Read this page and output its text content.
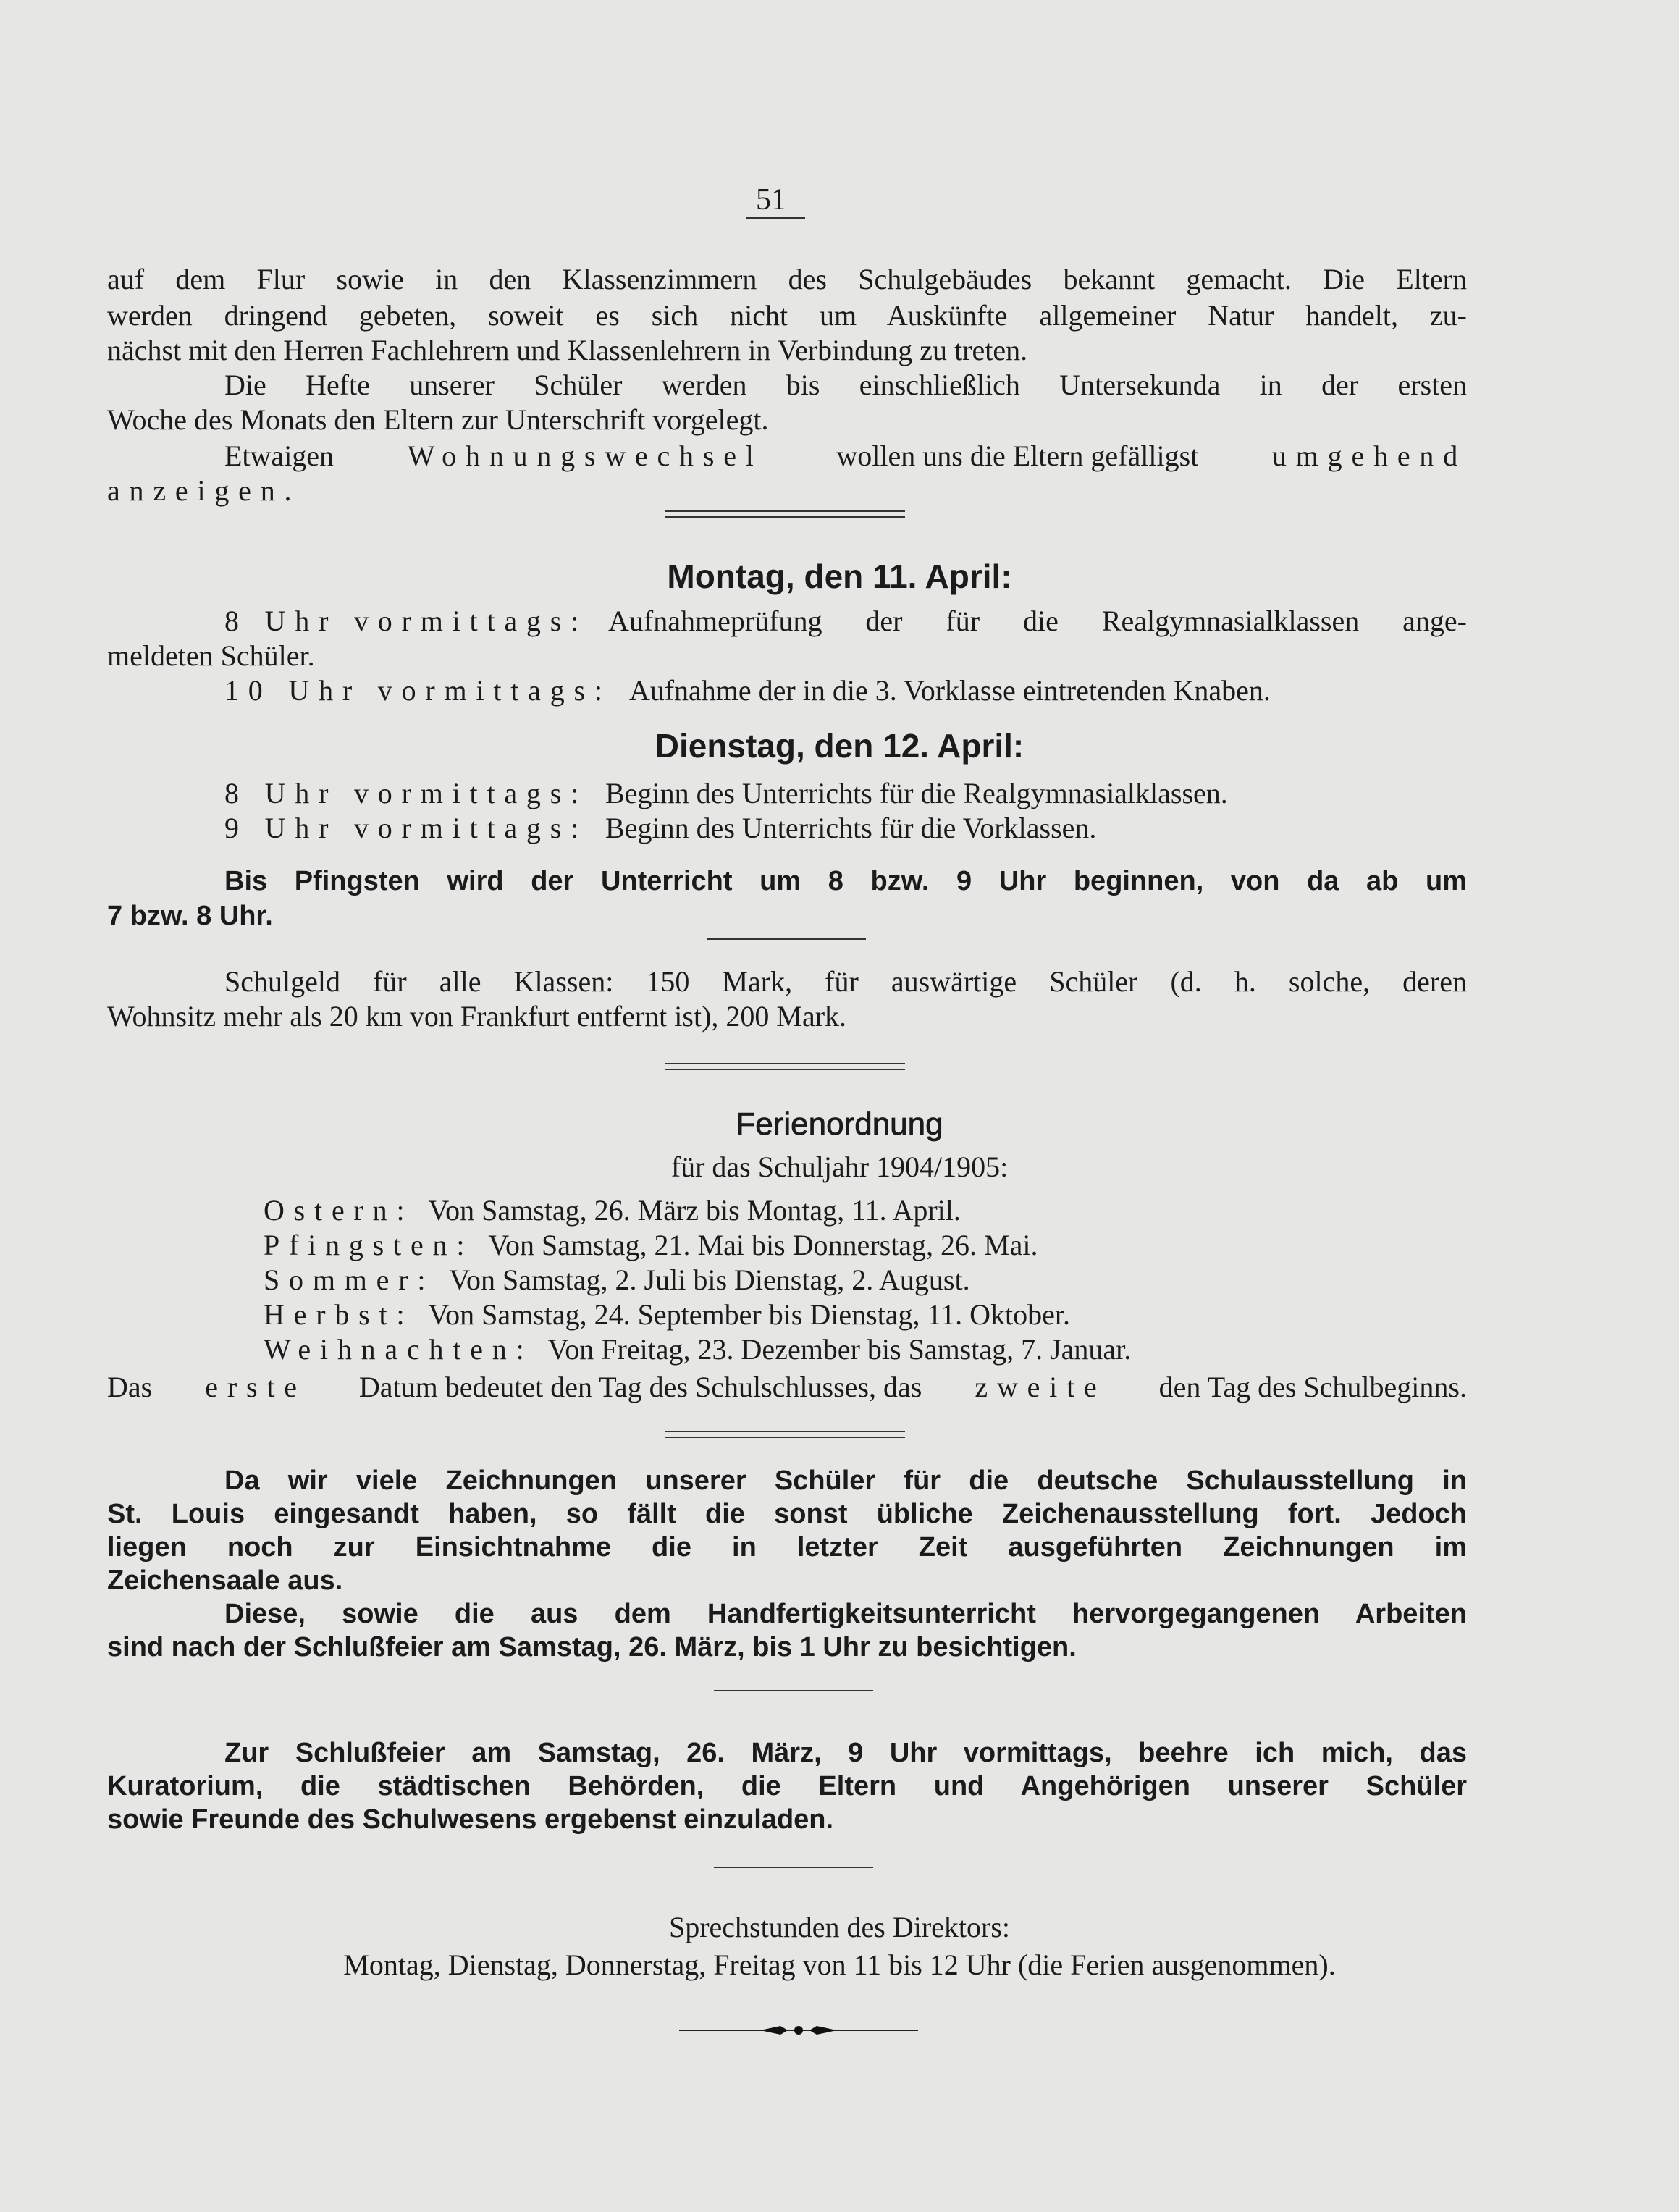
51
auf dem Flur sowie in den Klassenzimmern des Schulgebäudes bekannt gemacht. Die Eltern
werden dringend gebeten, soweit es sich nicht um Auskünfte allgemeiner Natur handelt, zu-
nächst mit den Herren Fachlehrern und Klassenlehrern in Verbindung zu treten.
Die Hefte unserer Schüler werden bis einschließlich Untersekunda in der ersten
Woche des Monats den Eltern zur Unterschrift vorgelegt.
Etwaigen	Wohnungswechsel	wollen uns die Eltern gefälligst	umgehend
anzeigen.
Montag, den 11. April:
8 Uhr vormittags: Aufnahmeprüfung der für die Realgymnasialklassen ange-
meldeten Schüler.
10 Uhr vormittags: Aufnahme der in die 3. Vorklasse eintretenden Knaben.
Dienstag, den 12. April:
8 Uhr vormittags: Beginn des Unterrichts für die Realgymnasialklassen.
9 Uhr vormittags: Beginn des Unterrichts für die Vorklassen.
Bis Pfingsten wird der Unterricht um 8 bzw. 9 Uhr beginnen, von da ab um
7 bzw. 8 Uhr.
Schulgeld für alle Klassen: 150 Mark, für auswärtige Schüler (d. h. solche, deren
Wohnsitz mehr als 20 km von Frankfurt entfernt ist), 200 Mark.
Ferienordnung
für das Schuljahr 1904/1905:
Ostern: Von Samstag, 26. März bis Montag, 11. April.
Pfingsten: Von Samstag, 21. Mai bis Donnerstag, 26. Mai.
Sommer: Von Samstag, 2. Juli bis Dienstag, 2. August.
Herbst: Von Samstag, 24. September bis Dienstag, 11. Oktober.
Weihnachten: Von Freitag, 23. Dezember bis Samstag, 7. Januar.
Das erste Datum bedeutet den Tag des Schulschlusses, das zweite den Tag des Schulbeginns.
Da wir viele Zeichnungen unserer Schüler für die deutsche Schulausstellung in
St. Louis eingesandt haben, so fällt die sonst übliche Zeichenausstellung fort. Jedoch
liegen noch zur Einsichtnahme die in letzter Zeit ausgeführten Zeichnungen im
Zeichensaale aus.
Diese, sowie die aus dem Handfertigkeitsunterricht hervorgegangenen Arbeiten
sind nach der Schlußfeier am Samstag, 26. März, bis 1 Uhr zu besichtigen.
Zur Schlußfeier am Samstag, 26. März, 9 Uhr vormittags, beehre ich mich, das
Kuratorium, die städtischen Behörden, die Eltern und Angehörigen unserer Schüler
sowie Freunde des Schulwesens ergebenst einzuladen.
Sprechstunden des Direktors:
Montag, Dienstag, Donnerstag, Freitag von 11 bis 12 Uhr (die Ferien ausgenommen).
